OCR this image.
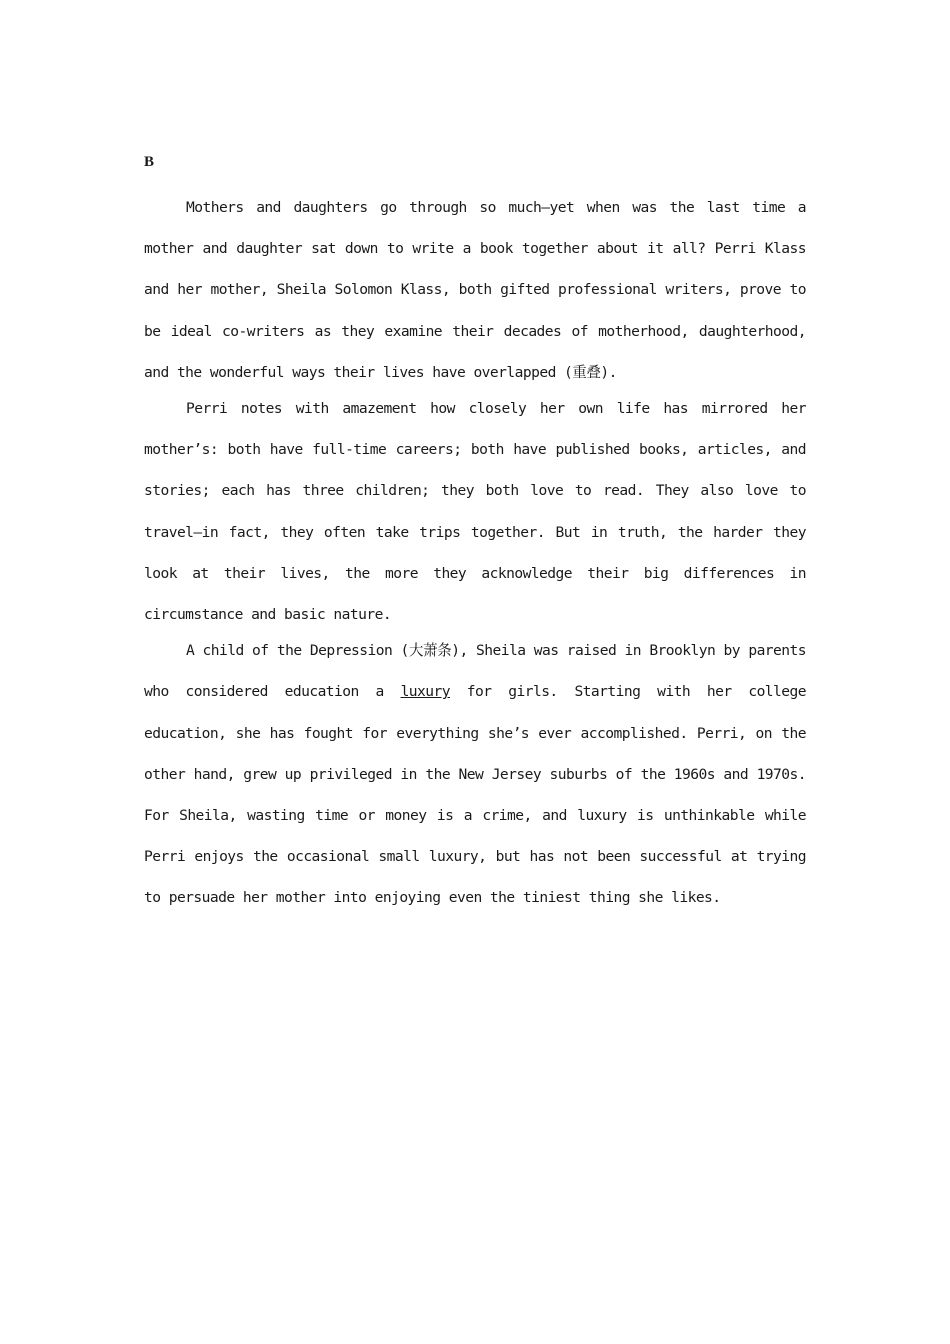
B

Mothers and daughters go through so much—yet when was the last time a mother and daughter sat down to write a book together about it all? Perri Klass and her mother, Sheila Solomon Klass, both gifted professional writers, prove to be ideal co-writers as they examine their decades of motherhood, daughterhood, and the wonderful ways their lives have overlapped (重叠).

Perri notes with amazement how closely her own life has mirrored her mother’s: both have full-time careers; both have published books, articles, and stories; each has three children; they both love to read. They also love to travel—in fact, they often take trips together. But in truth, the harder they look at their lives, the more they acknowledge their big differences in circumstance and basic nature.

A child of the Depression (大萧条), Sheila was raised in Brooklyn by parents who considered education a luxury for girls. Starting with her college education, she has fought for everything she’s ever accomplished. Perri, on the other hand, grew up privileged in the New Jersey suburbs of the 1960s and 1970s. For Sheila, wasting time or money is a crime, and luxury is unthinkable while Perri enjoys the occasional small luxury, but has not been successful at trying to persuade her mother into enjoying even the tiniest thing she likes.
